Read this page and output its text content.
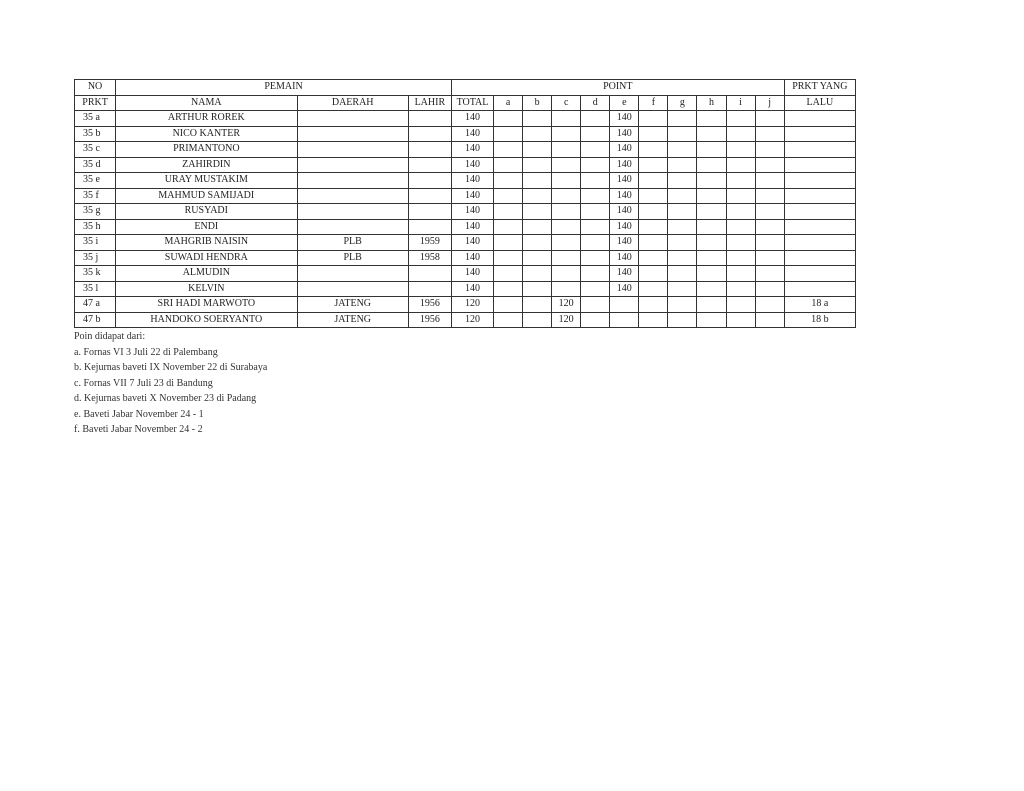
NO	PEMAIN			POINT											PRKT YANG
PRKT	NAMA	DAERAH	LAHIR	TOTAL	a	b	c	d	e	f	g	h	i	j	LALU
35 a	ARTHUR ROREK			140					140						
35 b	NICO KANTER			140					140						
35 c	PRIMANTONO			140					140						
35 d	ZAHIRDIN			140					140						
35 e	URAY MUSTAKIM			140					140						
35 f	MAHMUD SAMIJADI			140					140						
35 g	RUSYADI			140					140						
35 h	ENDI			140					140						
35 i	MAHGRIB NAISIN	PLB	1959	140					140						
35 j	SUWADI HENDRA	PLB	1958	140					140						
35 k	ALMUDIN			140					140						
35 l	KELVIN			140					140						
47 a	SRI HADI MARWOTO	JATENG	1956	120			120								18 a
47 b	HANDOKO SOERYANTO	JATENG	1956	120			120								18 b
Poin didapat dari:
a. Fornas VI 3 Juli 22 di Palembang
b. Kejurnas baveti IX November 22 di Surabaya
c. Fornas VII 7 Juli 23 di Bandung
d. Kejurnas baveti X November 23 di Padang
e. Baveti Jabar November 24 - 1
f. Baveti Jabar November 24 - 2
